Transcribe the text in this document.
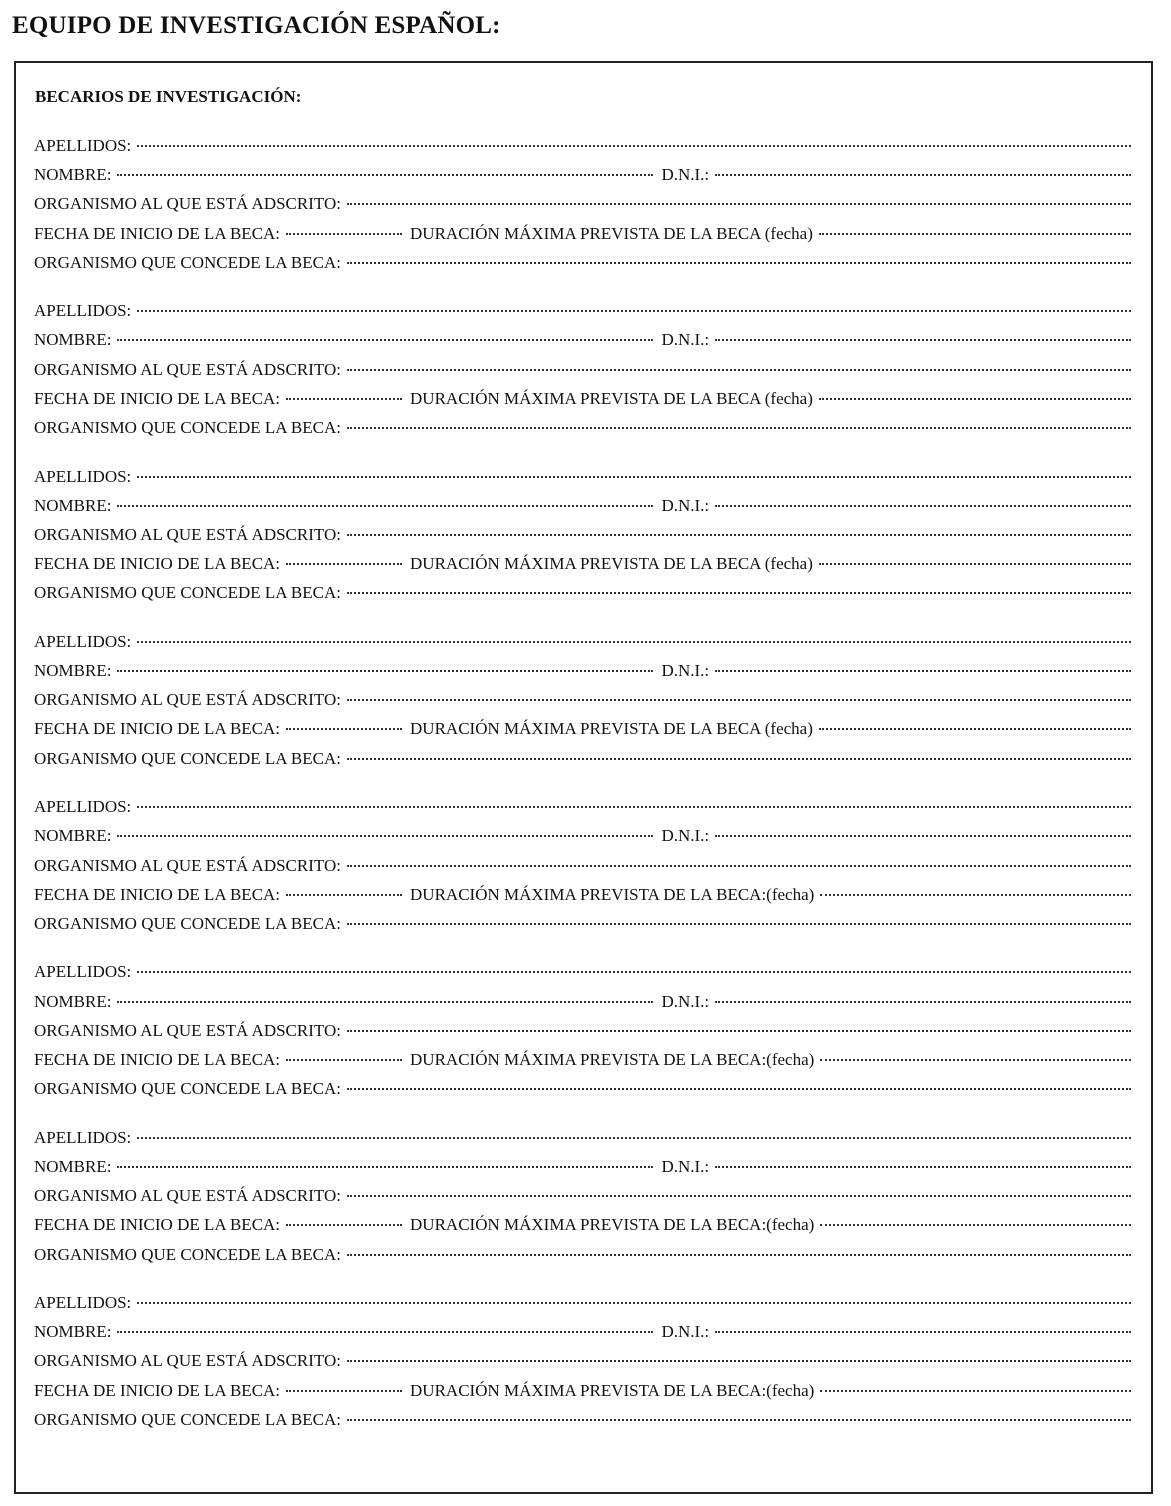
EQUIPO DE INVESTIGACIÓN ESPAÑOL:
BECARIOS DE INVESTIGACIÓN:
APELLIDOS:
NOMBRE:	D.N.I.:
ORGANISMO AL QUE ESTÁ ADSCRITO:
FECHA DE INICIO DE LA BECA:	DURACIÓN MÁXIMA PREVISTA DE LA BECA (fecha)
ORGANISMO QUE CONCEDE LA BECA:
APELLIDOS:
NOMBRE:	D.N.I.:
ORGANISMO AL QUE ESTÁ ADSCRITO:
FECHA DE INICIO DE LA BECA:	DURACIÓN MÁXIMA PREVISTA DE LA BECA (fecha)
ORGANISMO QUE CONCEDE LA BECA:
APELLIDOS:
NOMBRE:	D.N.I.:
ORGANISMO AL QUE ESTÁ ADSCRITO:
FECHA DE INICIO DE LA BECA:	DURACIÓN MÁXIMA PREVISTA DE LA BECA (fecha)
ORGANISMO QUE CONCEDE LA BECA:
APELLIDOS:
NOMBRE:	D.N.I.:
ORGANISMO AL QUE ESTÁ ADSCRITO:
FECHA DE INICIO DE LA BECA:	DURACIÓN MÁXIMA PREVISTA DE LA BECA (fecha)
ORGANISMO QUE CONCEDE LA BECA:
APELLIDOS:
NOMBRE:	D.N.I.:
ORGANISMO AL QUE ESTÁ ADSCRITO:
FECHA DE INICIO DE LA BECA:	DURACIÓN MÁXIMA PREVISTA DE LA BECA:(fecha)
ORGANISMO QUE CONCEDE LA BECA:
APELLIDOS:
NOMBRE:	D.N.I.:
ORGANISMO AL QUE ESTÁ ADSCRITO:
FECHA DE INICIO DE LA BECA:	DURACIÓN MÁXIMA PREVISTA DE LA BECA:(fecha)
ORGANISMO QUE CONCEDE LA BECA:
APELLIDOS:
NOMBRE:	D.N.I.:
ORGANISMO AL QUE ESTÁ ADSCRITO:
FECHA DE INICIO DE LA BECA:	DURACIÓN MÁXIMA PREVISTA DE LA BECA:(fecha)
ORGANISMO QUE CONCEDE LA BECA:
APELLIDOS:
NOMBRE:	D.N.I.:
ORGANISMO AL QUE ESTÁ ADSCRITO:
FECHA DE INICIO DE LA BECA:	DURACIÓN MÁXIMA PREVISTA DE LA BECA:(fecha)
ORGANISMO QUE CONCEDE LA BECA:
